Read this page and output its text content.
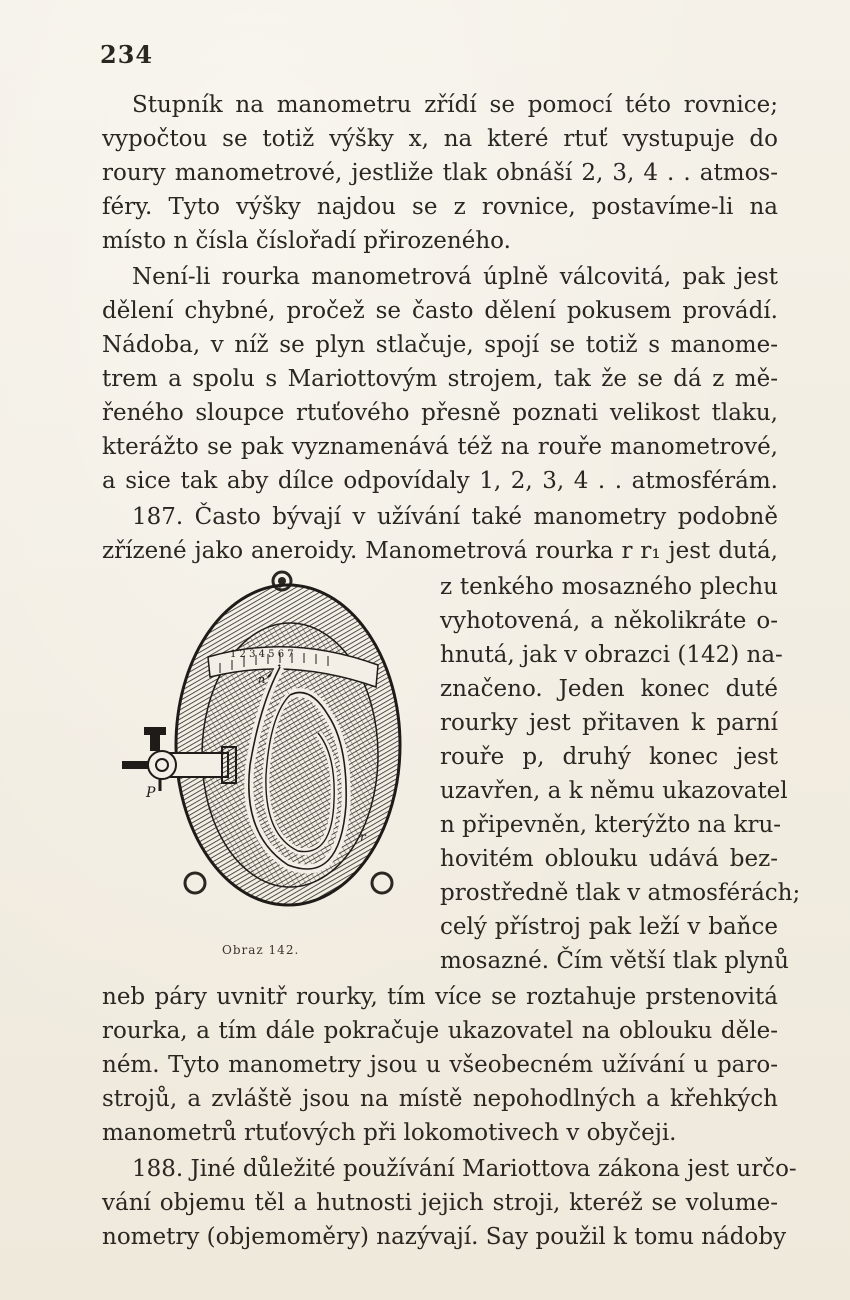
234
Stupník na manometru zřídí se pomocí této rovnice;
vypočtou se totiž výšky x, na které rtuť vystupuje do
roury manometrové, jestliže tlak obnáší 2, 3, 4 . . atmos-
féry. Tyto výšky najdou se z rovnice, postavíme-li na
místo n čísla číslořadí přirozeného.
Není-li rourka manometrová úplně válcovitá, pak jest
dělení chybné, pročež se často dělení pokusem provádí.
Nádoba, v níž se plyn stlačuje, spojí se totiž s manome-
trem a spolu s Mariottovým strojem, tak že se dá z mě-
řeného sloupce rtuťového přesně poznati velikost tlaku,
kterážto se pak vyznamenává též na rouře manometrové,
a sice tak aby dílce odpovídaly 1, 2, 3, 4 . . atmosférám.
187. Často bývají v užívání také manometry podobně
zřízené jako aneroidy. Manometrová rourka r r₁ jest dutá,
z tenkého mosazného plechu
vyhotovená, a několikráte o-
hnutá, jak v obrazci (142) na-
značeno. Jeden konec duté
rourky jest přitaven k parní
rouře p, druhý konec jest
uzavřen, a k němu ukazovatel
n připevněn, kterýžto na kru-
hovitém oblouku udává bez-
prostředně tlak v atmosférách;
celý přístroj pak leží v baňce
mosazné. Čím větší tlak plynů
neb páry uvnitř rourky, tím více se roztahuje prstenovitá
rourka, a tím dále pokračuje ukazovatel na oblouku děle-
ném. Tyto manometry jsou u všeobecném užívání u paro-
strojů, a zvláště jsou na místě nepohodlných a křehkých
manometrů rtuťových při lokomotivech v obyčeji.
188. Jiné důležité používání Mariottova zákona jest určo-
vání objemu těl a hutnosti jejich stroji, kteréž se volume-
nometry (objemoměry) nazývají. Say použil k tomu nádoby
1 2 3 4 5 6 7
n
r
P
Obraz 142.
